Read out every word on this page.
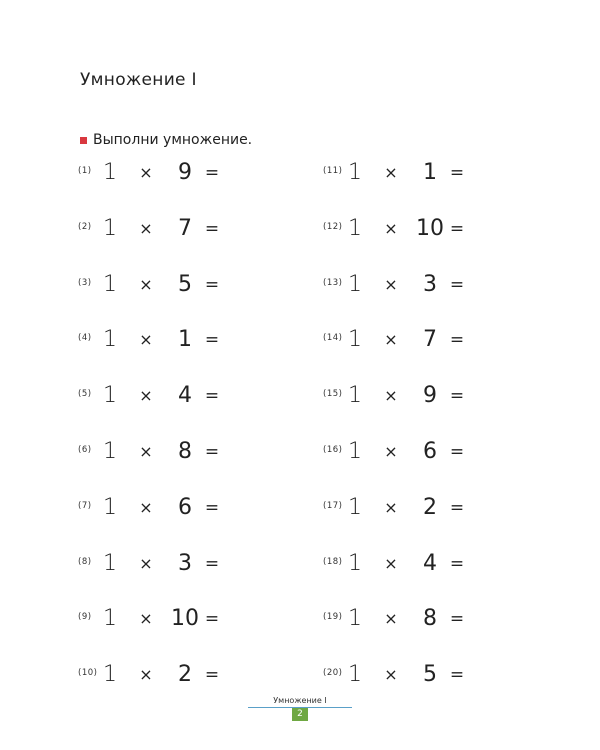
Умножение I
Выполни умножение.
(1) 1 ×	9 =
(2) 1 ×	7 =
(3) 1 ×	5 =
(4) 1 ×	1 =
(5) 1 ×	4 =
(6) 1 ×	8 =
(7) 1 ×	6 =
(8) 1 ×	3 =
(9) 1 × 10 =
(10) 1 ×	2 =
(11) 1 ×	1 =
(12) 1 × 10 =
(13) 1 ×	3 =
(14) 1 ×	7 =
(15) 1 ×	9 =
(16) 1 ×	6 =
(17) 1 ×	2 =
(18) 1 ×	4 =
(19) 1 ×	8 =
(20) 1 ×	5 =
Умножение I
2
